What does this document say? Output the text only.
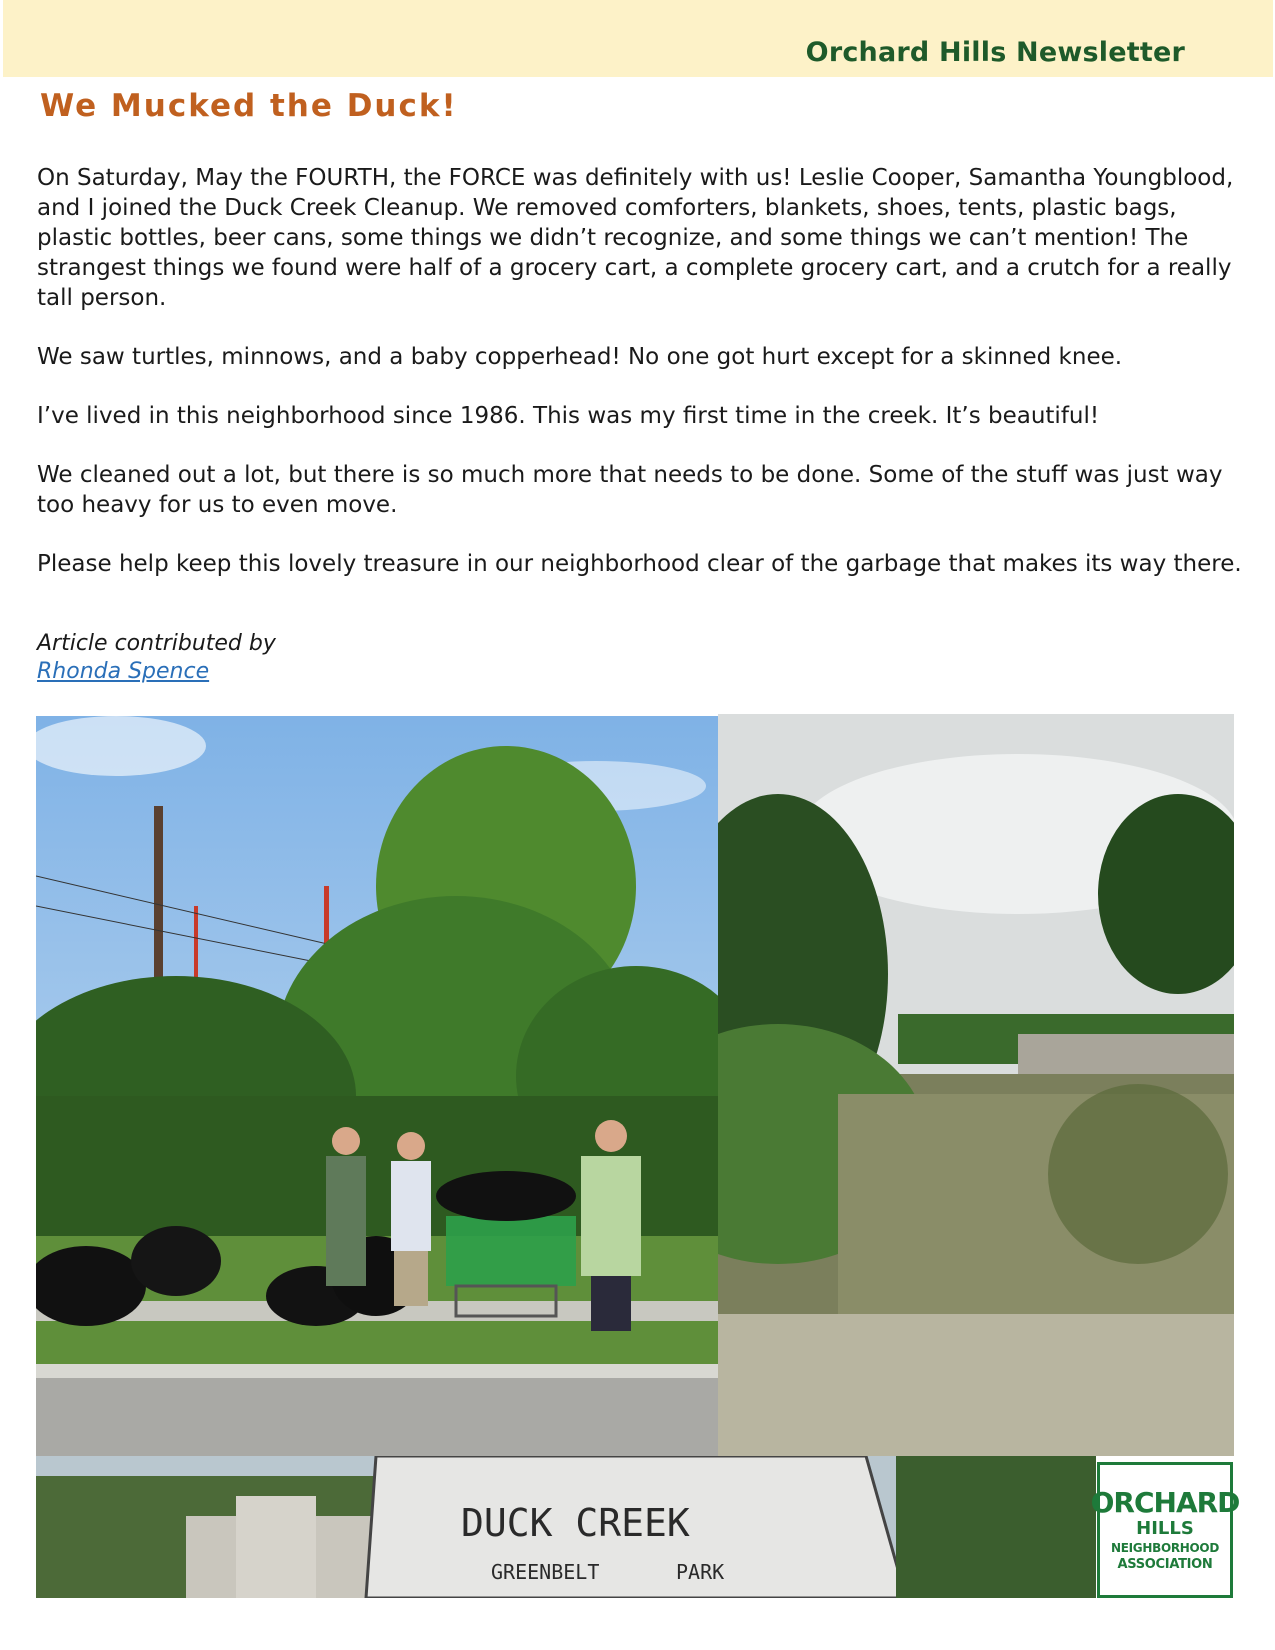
Orchard Hills Newsletter
We Mucked the Duck!

On Saturday, May the FOURTH, the FORCE was definitely with us! Leslie Cooper, Samantha Youngblood, and I joined the Duck Creek Cleanup. We removed comforters, blankets, shoes, tents, plastic bags, plastic bottles, beer cans, some things we didn’t recognize, and some things we can’t mention! The strangest things we found were half of a grocery cart, a complete grocery cart, and a crutch for a really tall person.

We saw turtles, minnows, and a baby copperhead! No one got hurt except for a skinned knee.

I’ve lived in this neighborhood since 1986. This was my first time in the creek. It’s beautiful!

We cleaned out a lot, but there is so much more that needs to be done. Some of the stuff was just way too heavy for us to even move.

Please help keep this lovely treasure in our neighborhood clear of the garbage that makes its way there.

Article contributed by
Rhonda Spence
DUCK CREEK
GREENBELT	PARK
ORCHARD
HILLS
NEIGHBORHOOD
ASSOCIATION
